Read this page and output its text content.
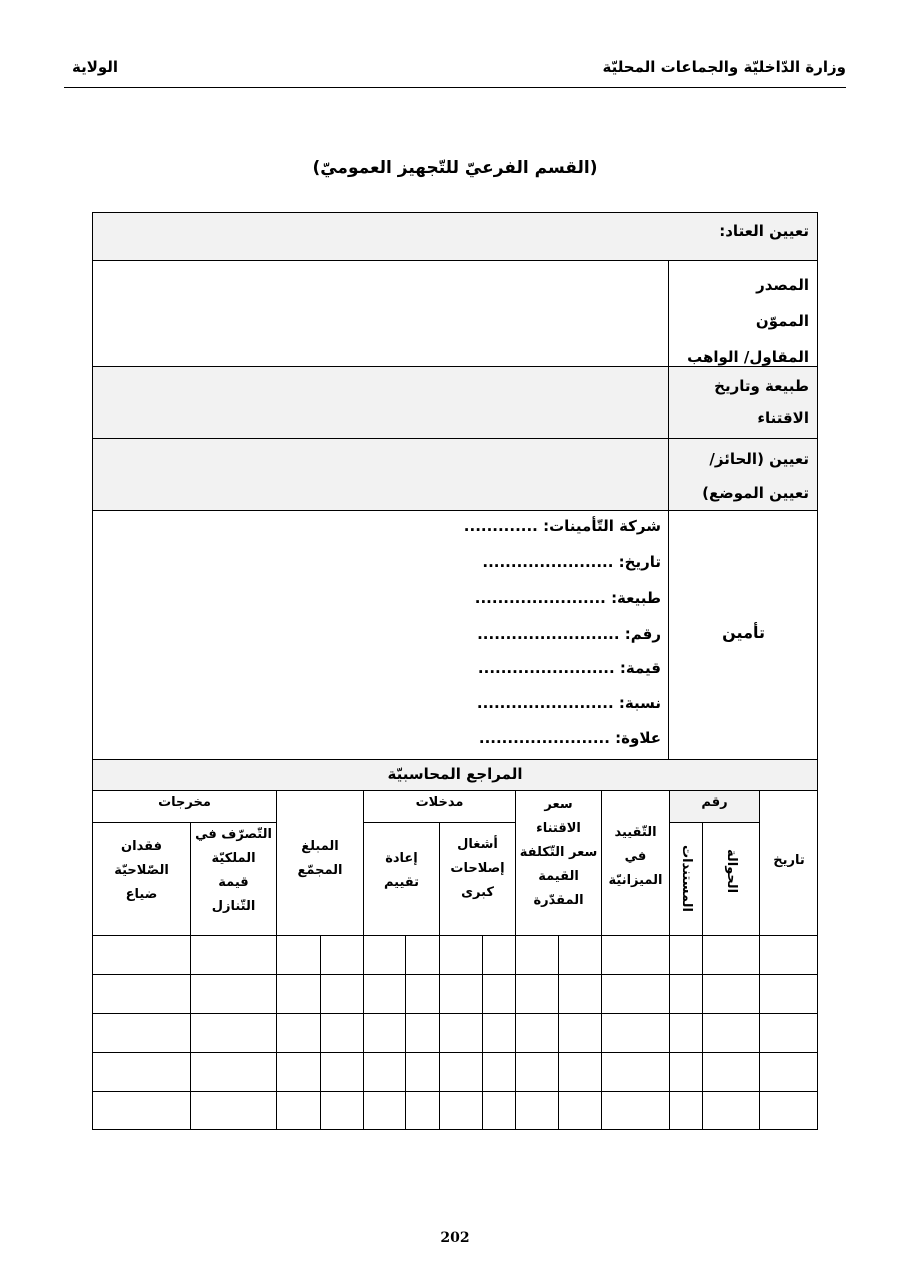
وزارة الدّاخليّة والجماعات المحليّة
الولاية
(القسم الفرعيّ للتّجهيز العموميّ)
تعيين العتاد:
المصدر
المموّن
المقاول/ الواهب
طبيعة وتاريخ
الاقتناء
تعيين (الحائز/
تعيين الموضع)
تأمين
شركة التّأمينات: .............
تاريخ: .......................
طبيعة: .......................
رقم: .........................
قيمة: ........................
نسبة: ........................
علاوة: .......................
المراجع المحاسبيّة
تاريخ
رقم
الحوالة
المستندات
التّقييد
في
الميزانيّة
سعر
الاقتناء
سعر التّكلفة
القيمة
المقدّرة
مدخلات
أشغال
إصلاحات
كبرى
إعادة
تقييم
المبلغ
المجمّع
مخرجات
التّصرّف في
الملكيّة
قيمة
التّنازل
فقدان
الصّلاحيّة
ضياع
202
